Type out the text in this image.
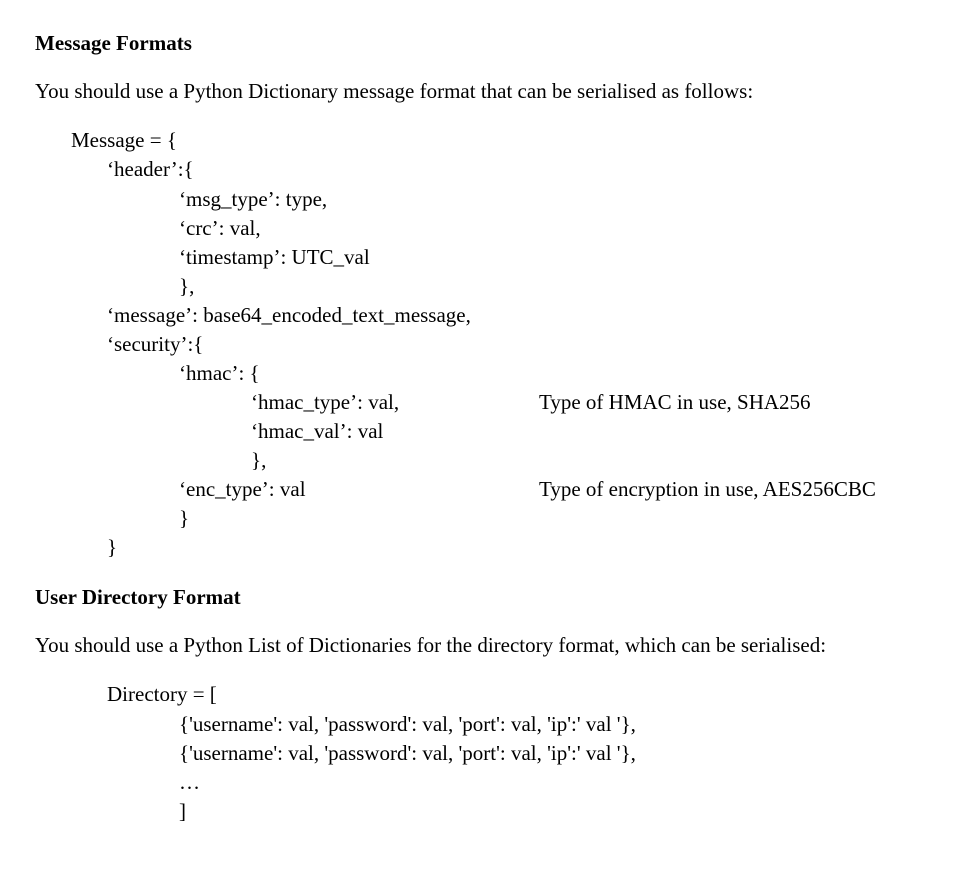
Message Formats
You should use a Python Dictionary message format that can be serialised as follows:
Message = {
‘header’:{
‘msg_type’: type,
‘crc’: val,
‘timestamp’: UTC_val
},
‘message’: base64_encoded_text_message,
‘security’:{
‘hmac’: {
‘hmac_type’: val,	Type of HMAC in use, SHA256
‘hmac_val’: val
},
‘enc_type’: val	Type of encryption in use, AES256CBC
}
}
User Directory Format
You should use a Python List of Dictionaries for the directory format, which can be serialised:
Directory = [
{'username': val, 'password': val, 'port': val, 'ip':' val '},
{'username': val, 'password': val, 'port': val, 'ip':' val '},
…
]
